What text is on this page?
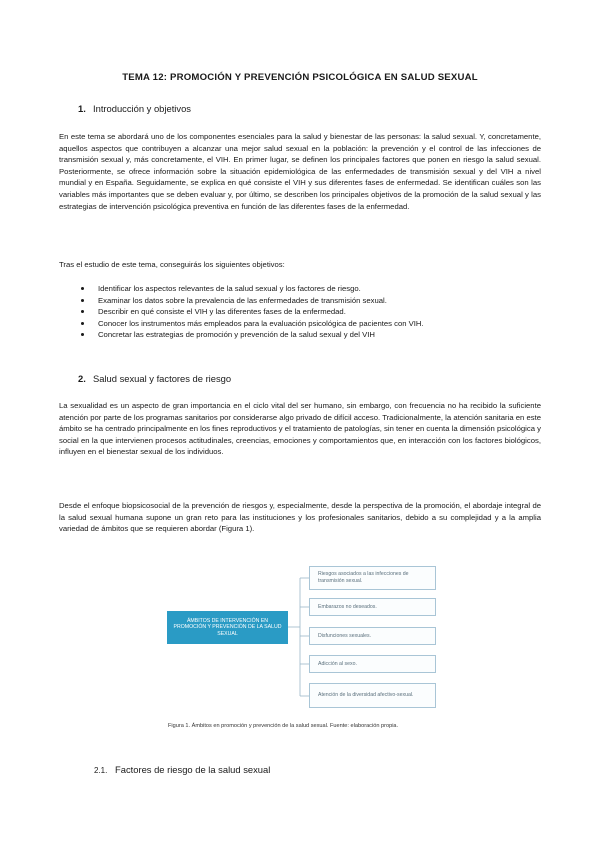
TEMA 12: PROMOCIÓN Y PREVENCIÓN PSICOLÓGICA EN SALUD SEXUAL
1. Introducción y objetivos

En este tema se abordará uno de los componentes esenciales para la salud y bienestar de las personas: la salud sexual. Y, concretamente, aquellos aspectos que contribuyen a alcanzar una mejor salud sexual en la población: la prevención y el control de las infecciones de transmisión sexual y, más concretamente, el VIH. En primer lugar, se definen los principales factores que ponen en riesgo la salud sexual. Posteriormente, se ofrece información sobre la situación epidemiológica de las enfermedades de transmisión sexual y del VIH a nivel mundial y en España. Seguidamente, se explica en qué consiste el VIH y sus diferentes fases de enfermedad. Se identifican cuáles son las variables más importantes que se deben evaluar y, por último, se describen los principales objetivos de la promoción de la salud sexual y las estrategias de intervención psicológica preventiva en función de las diferentes fases de la enfermedad.

Tras el estudio de este tema, conseguirás los siguientes objetivos:

Identificar los aspectos relevantes de la salud sexual y los factores de riesgo.
Examinar los datos sobre la prevalencia de las enfermedades de transmisión sexual.
Describir en qué consiste el VIH y las diferentes fases de la enfermedad.
Conocer los instrumentos más empleados para la evaluación psicológica de pacientes con VIH.
Concretar las estrategias de promoción y prevención de la salud sexual y del VIH
2. Salud sexual y factores de riesgo

La sexualidad es un aspecto de gran importancia en el ciclo vital del ser humano, sin embargo, con frecuencia no ha recibido la suficiente atención por parte de los programas sanitarios por considerarse algo privado de difícil acceso. Tradicionalmente, la atención sanitaria en este ámbito se ha centrado principalmente en los fines reproductivos y el tratamiento de patologías, sin tener en cuenta la dimensión psicológica y social en la que intervienen procesos actitudinales, creencias, emociones y comportamientos que, en interacción con los factores biológicos, influyen en el bienestar sexual de los individuos.

Desde el enfoque biopsicosocial de la prevención de riesgos y, especialmente, desde la perspectiva de la promoción, el abordaje integral de la salud sexual humana supone un gran reto para las instituciones y los profesionales sanitarios, debido a su complejidad y a la amplia variedad de ámbitos que se requieren abordar (Figura 1).

ÁMBITOS DE INTERVENCIÓN EN PROMOCIÓN Y PREVENCIÓN DE LA SALUD SEXUAL
Riesgos asociados a las infecciones de transmisión sexual.
Embarazos no deseados.
Disfunciones sexuales.
Adicción al sexo.
Atención de la diversidad afectivo-sexual.
Figura 1. Ámbitos en promoción y prevención de la salud sexual. Fuente: elaboración propia.
2.1. Factores de riesgo de la salud sexual
